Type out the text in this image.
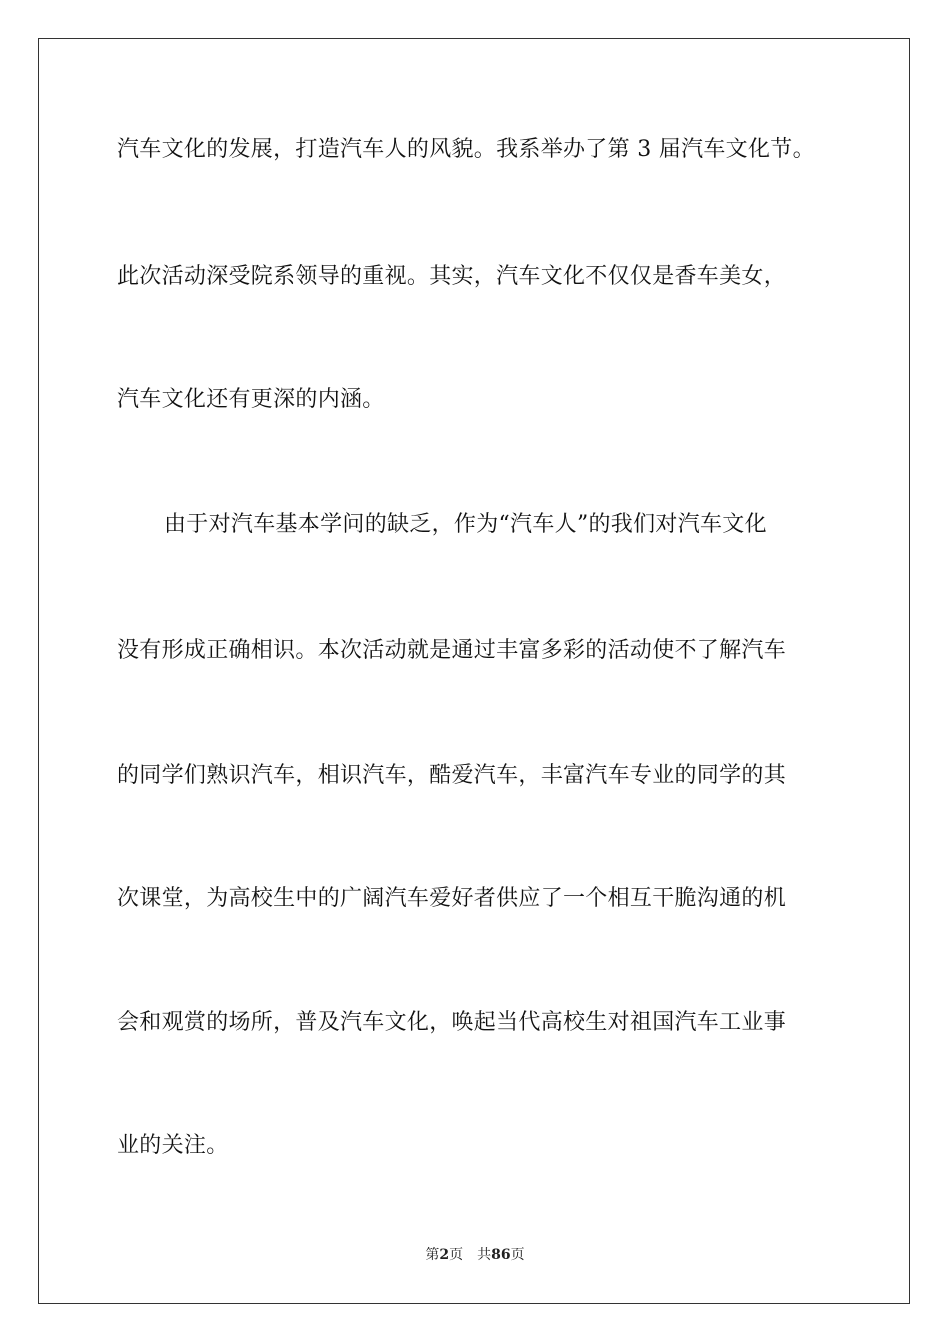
汽车文化的发展，打造汽车人的风貌。我系举办了第 3 届汽车文化节。
此次活动深受院系领导的重视。其实，汽车文化不仅仅是香车美女，
汽车文化还有更深的内涵。
由于对汽车基本学问的缺乏，作为“汽车人”的我们对汽车文化
没有形成正确相识。本次活动就是通过丰富多彩的活动使不了解汽车
的同学们熟识汽车，相识汽车，酷爱汽车，丰富汽车专业的同学的其
次课堂，为高校生中的广阔汽车爱好者供应了一个相互干脆沟通的机
会和观赏的场所，普及汽车文化，唤起当代高校生对祖国汽车工业事
业的关注。
第2页 共86页
